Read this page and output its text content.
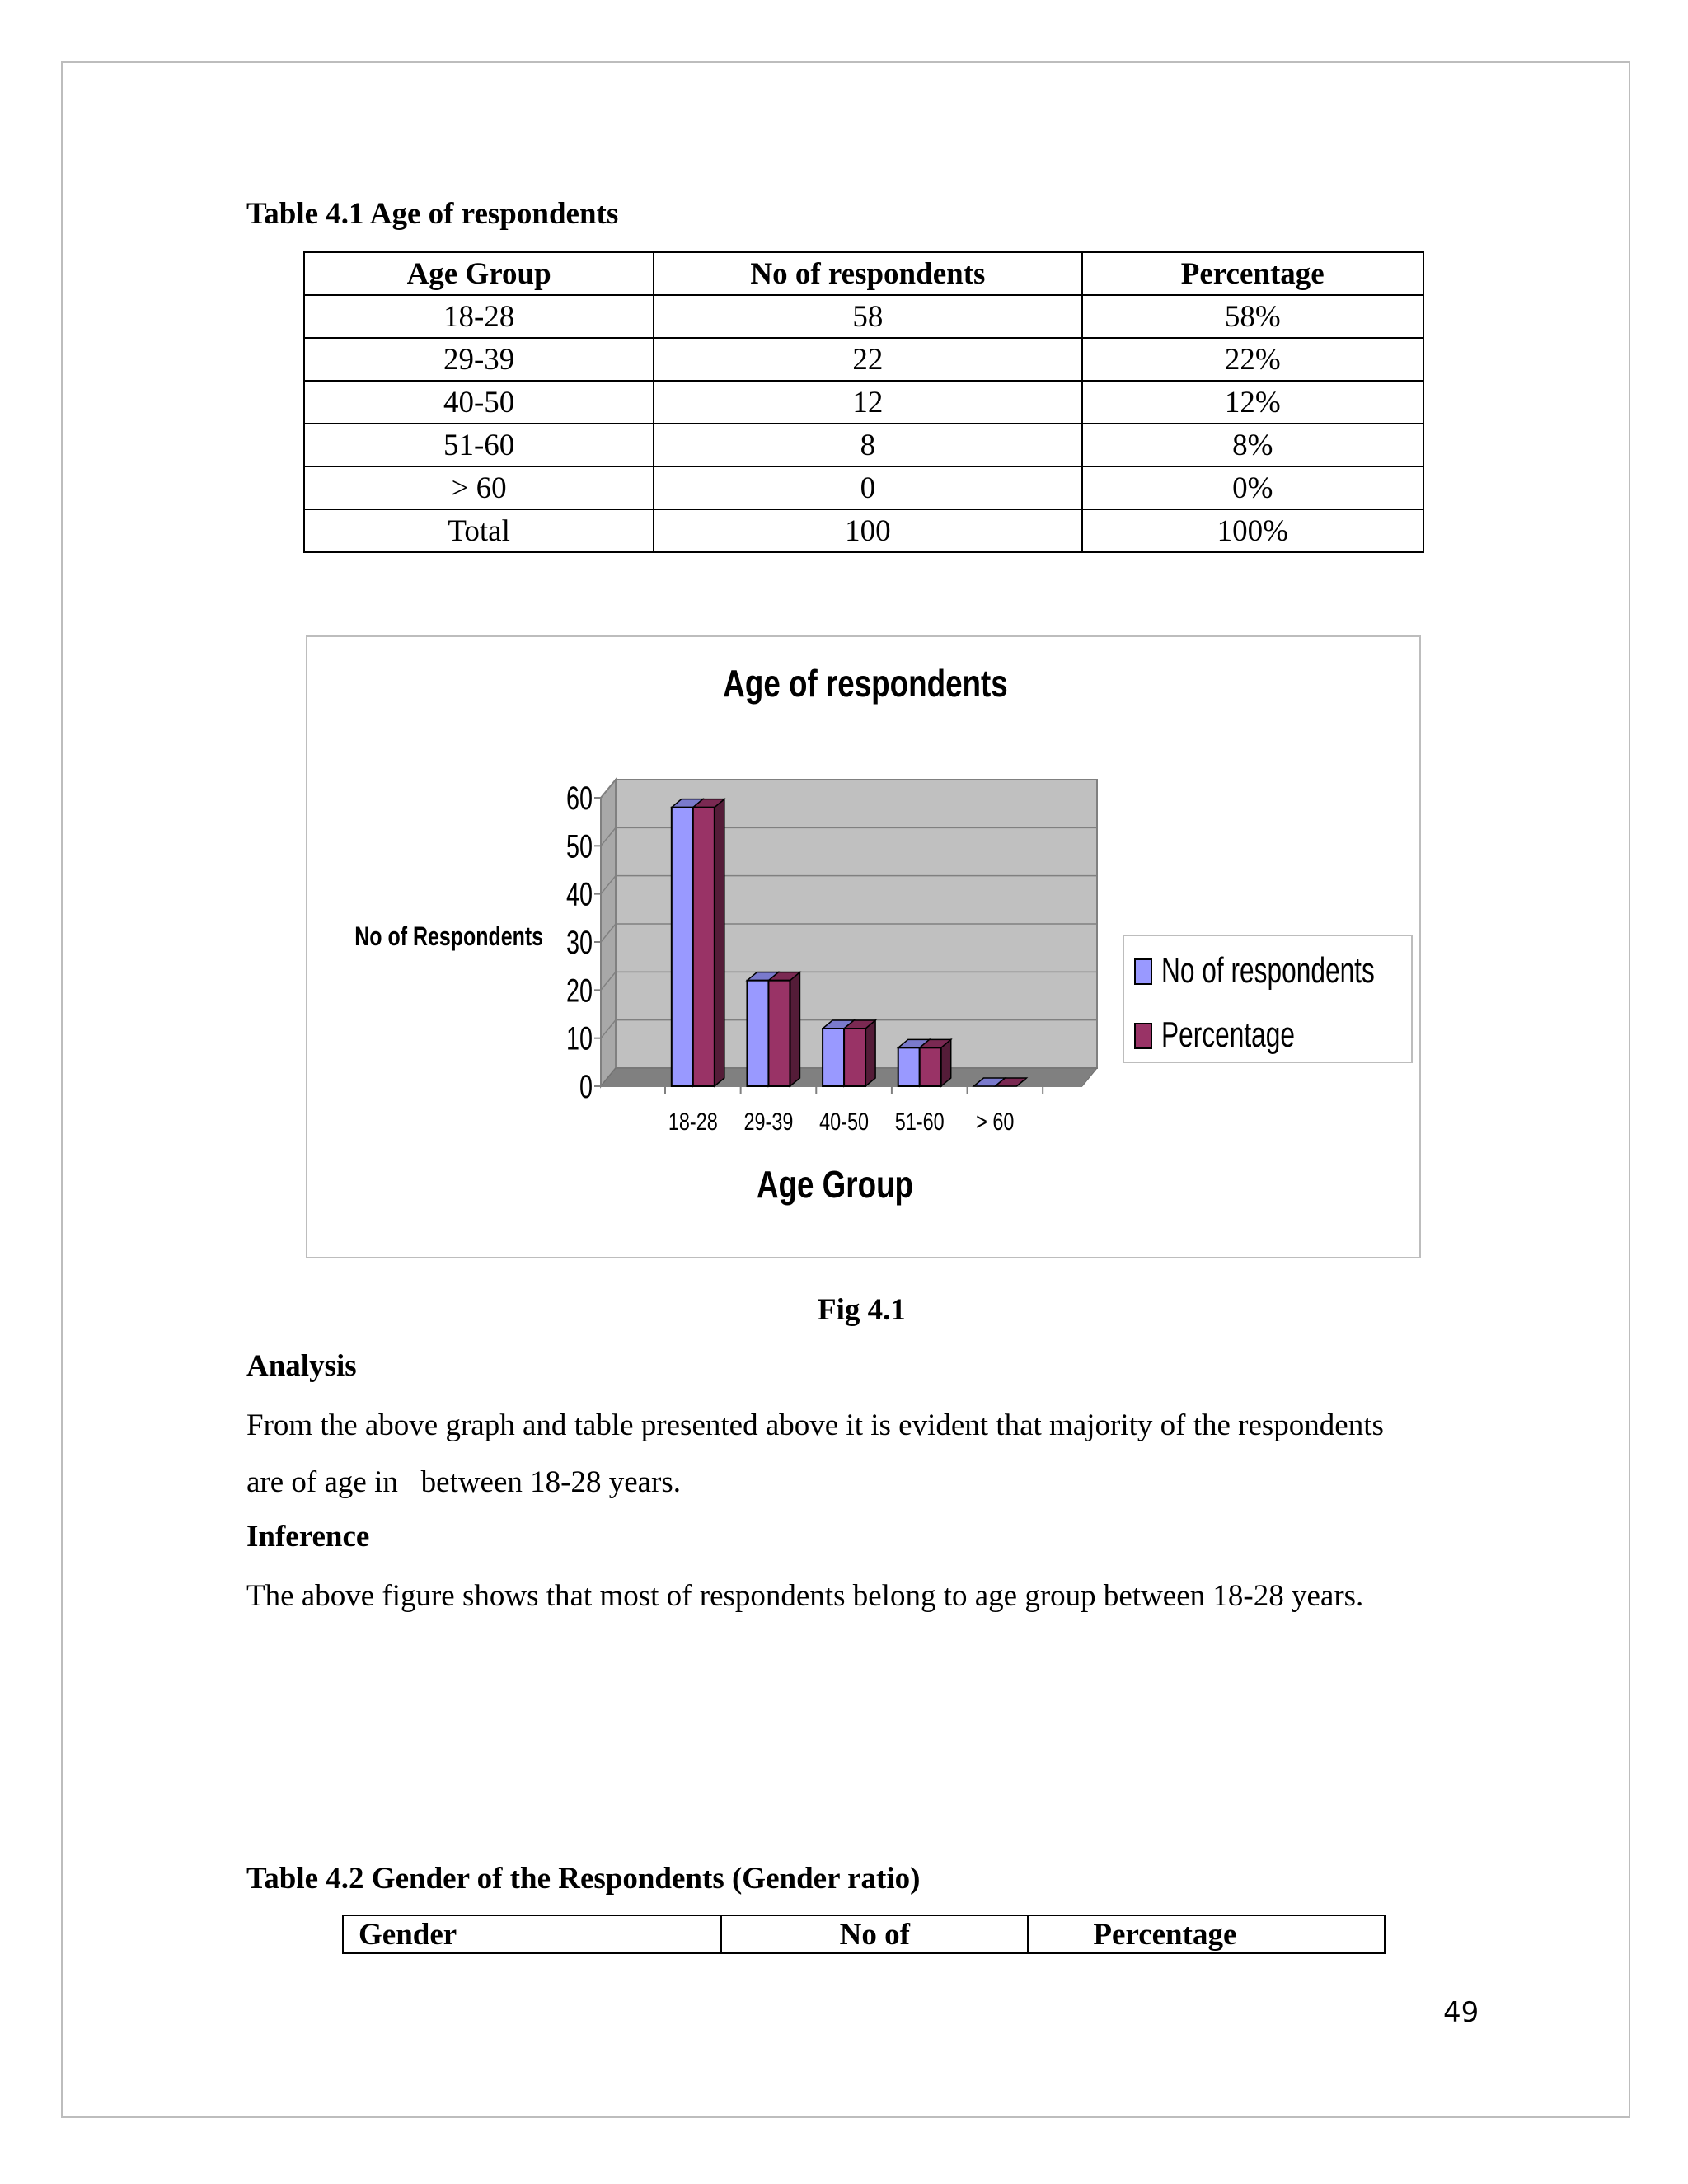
Table 4.1 Age of respondents
Age Group	No of respondents	Percentage
18-28	58	58%
29-39	22	22%
40-50	12	12%
51-60	8	8%
> 60	0	0%
Total	100	100%
0
10
20
30
40
50
60
18-28 29-39 40-50 51-60 > 60
Age of respondents
Age Group
No of Respondents
No of respondents
Percentage
Fig 4.1
Analysis
From the above graph and table presented above it is evident that majority of the respondents
are of age in   between 18-28 years.
Inference
The above figure shows that most of respondents belong to age group between 18-28 years.
Table 4.2 Gender of the Respondents (Gender ratio)
Gender	No of	Percentage
49
